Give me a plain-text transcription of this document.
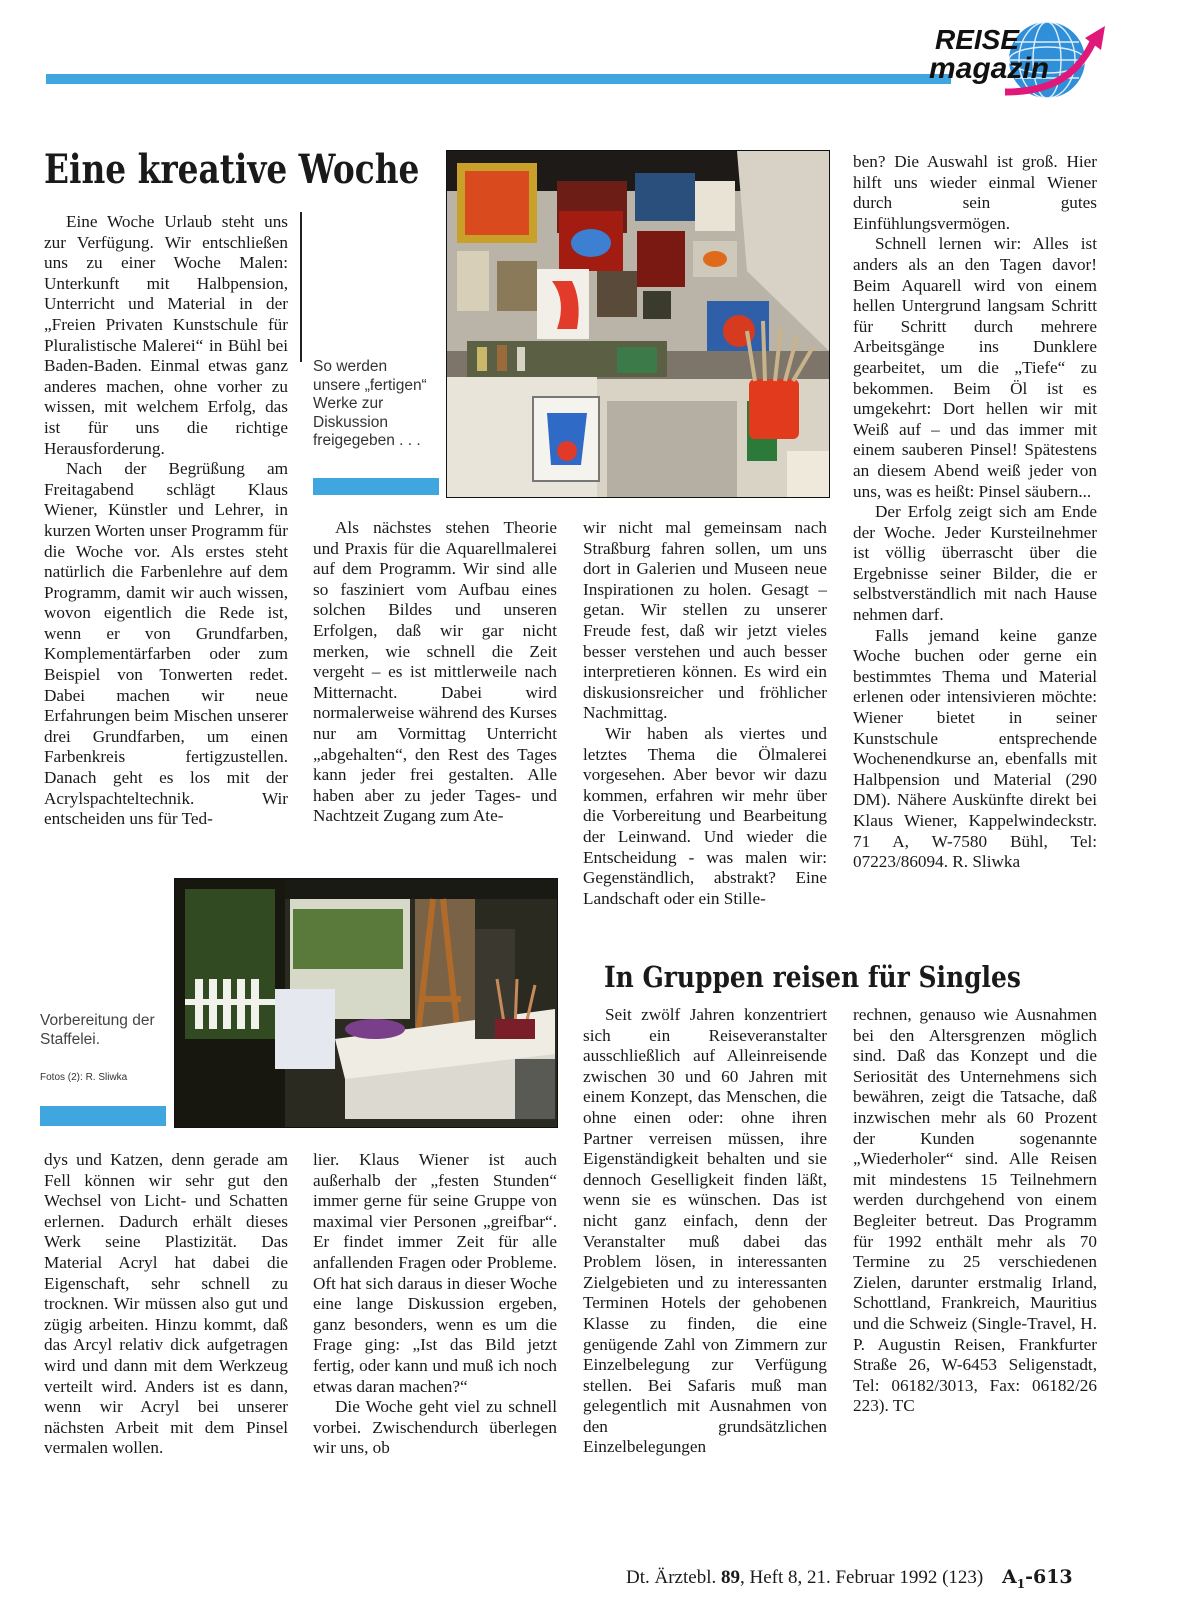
REISE
magazin
Eine kreative Woche

Eine Woche Urlaub steht uns zur Verfügung. Wir entschließen uns zu einer Woche Malen: Unterkunft mit Halbpension, Unterricht und Material in der „Freien Privaten Kunstschule für Pluralistische Malerei“ in Bühl bei Baden-Baden. Einmal etwas ganz anderes machen, ohne vorher zu wissen, mit welchem Erfolg, das ist für uns die richtige Herausforderung.

Nach der Begrüßung am Freitagabend schlägt Klaus Wiener, Künstler und Lehrer, in kurzen Worten unser Programm für die Woche vor. Als erstes steht natürlich die Farbenlehre auf dem Programm, damit wir auch wissen, wovon eigentlich die Rede ist, wenn er von Grundfarben, Komplementärfarben oder zum Beispiel von Tonwerten redet. Dabei machen wir neue Erfahrungen beim Mischen unserer drei Grundfarben, um einen Farbenkreis fertigzustellen. Danach geht es los mit der Acrylspachteltechnik. Wir entscheiden uns für Ted-

So werden unsere „fertigen“ Werke zur Diskussion freigegeben . . .

Als nächstes stehen Theorie und Praxis für die Aquarellmalerei auf dem Programm. Wir sind alle so fasziniert vom Aufbau eines solchen Bildes und unseren Erfolgen, daß wir gar nicht merken, wie schnell die Zeit vergeht – es ist mittlerweile nach Mitternacht. Dabei wird normalerweise während des Kurses nur am Vormittag Unterricht „abgehalten“, den Rest des Tages kann jeder frei gestalten. Alle haben aber zu jeder Tages- und Nachtzeit Zugang zum Ate-

wir nicht mal gemeinsam nach Straßburg fahren sollen, um uns dort in Galerien und Museen neue Inspirationen zu holen. Gesagt – getan. Wir stellen zu unserer Freude fest, daß wir jetzt vieles besser verstehen und auch besser interpretieren können. Es wird ein diskusionsreicher und fröhlicher Nachmittag.

Wir haben als viertes und letztes Thema die Ölmalerei vorgesehen. Aber bevor wir dazu kommen, erfahren wir mehr über die Vorbereitung und Bearbeitung der Leinwand. Und wieder die Entscheidung - was malen wir: Gegenständlich, abstrakt? Eine Landschaft oder ein Stille-

ben? Die Auswahl ist groß. Hier hilft uns wieder einmal Wiener durch sein gutes Einfühlungsvermögen.

Schnell lernen wir: Alles ist anders als an den Tagen davor! Beim Aquarell wird von einem hellen Untergrund langsam Schritt für Schritt durch mehrere Arbeitsgänge ins Dunklere gearbeitet, um die „Tiefe“ zu bekommen. Beim Öl ist es umgekehrt: Dort hellen wir mit Weiß auf – und das immer mit einem sauberen Pinsel! Spätestens an diesem Abend weiß jeder von uns, was es heißt: Pinsel säubern...

Der Erfolg zeigt sich am Ende der Woche. Jeder Kursteilnehmer ist völlig überrascht über die Ergebnisse seiner Bilder, die er selbstverständlich mit nach Hause nehmen darf.

Falls jemand keine ganze Woche buchen oder gerne ein bestimmtes Thema und Material erlenen oder intensivieren möchte: Wiener bietet in seiner Kunstschule entsprechende Wochenendkurse an, ebenfalls mit Halbpension und Material (290 DM). Nähere Auskünfte direkt bei Klaus Wiener, Kappelwindeckstr. 71 A, W-7580 Bühl, Tel: 07223/86094. R. Sliwka

Vorbereitung der Staffelei.
Fotos (2): R. Sliwka

dys und Katzen, denn gerade am Fell können wir sehr gut den Wechsel von Licht- und Schatten erlernen. Dadurch erhält dieses Werk seine Plastizität. Das Material Acryl hat dabei die Eigenschaft, sehr schnell zu trocknen. Wir müssen also gut und zügig arbeiten. Hinzu kommt, daß das Arcyl relativ dick aufgetragen wird und dann mit dem Werkzeug verteilt wird. Anders ist es dann, wenn wir Acryl bei unserer nächsten Arbeit mit dem Pinsel vermalen wollen.

lier. Klaus Wiener ist auch außerhalb der „festen Stunden“ immer gerne für seine Gruppe von maximal vier Personen „greifbar“. Er findet immer Zeit für alle anfallenden Fragen oder Probleme. Oft hat sich daraus in dieser Woche eine lange Diskussion ergeben, ganz besonders, wenn es um die Frage ging: „Ist das Bild jetzt fertig, oder kann und muß ich noch etwas daran machen?“

Die Woche geht viel zu schnell vorbei. Zwischendurch überlegen wir uns, ob

In Gruppen reisen für Singles

Seit zwölf Jahren konzentriert sich ein Reiseveranstalter ausschließlich auf Alleinreisende zwischen 30 und 60 Jahren mit einem Konzept, das Menschen, die ohne einen oder: ohne ihren Partner verreisen müssen, ihre Eigenständigkeit behalten und sie dennoch Geselligkeit finden läßt, wenn sie es wünschen. Das ist nicht ganz einfach, denn der Veranstalter muß dabei das Problem lösen, in interessanten Zielgebieten und zu interessanten Terminen Hotels der gehobenen Klasse zu finden, die eine genügende Zahl von Zimmern zur Einzelbelegung zur Verfügung stellen. Bei Safaris muß man gelegentlich mit Ausnahmen von den grundsätzlichen Einzelbelegungen

rechnen, genauso wie Ausnahmen bei den Altersgrenzen möglich sind. Daß das Konzept und die Seriosität des Unternehmens sich bewähren, zeigt die Tatsache, daß inzwischen mehr als 60 Prozent der Kunden sogenannte „Wiederholer“ sind. Alle Reisen mit mindestens 15 Teilnehmern werden durchgehend von einem Begleiter betreut. Das Programm für 1992 enthält mehr als 70 Termine zu 25 verschiedenen Zielen, darunter erstmalig Irland, Schottland, Frankreich, Mauritius und die Schweiz (Single-Travel, H. P. Augustin Reisen, Frankfurter Straße 26, W-6453 Seligenstadt, Tel: 06182/3013, Fax: 06182/26 223). TC

Dt. Ärztebl. 89, Heft 8, 21. Februar 1992 (123) $A_1-613$
